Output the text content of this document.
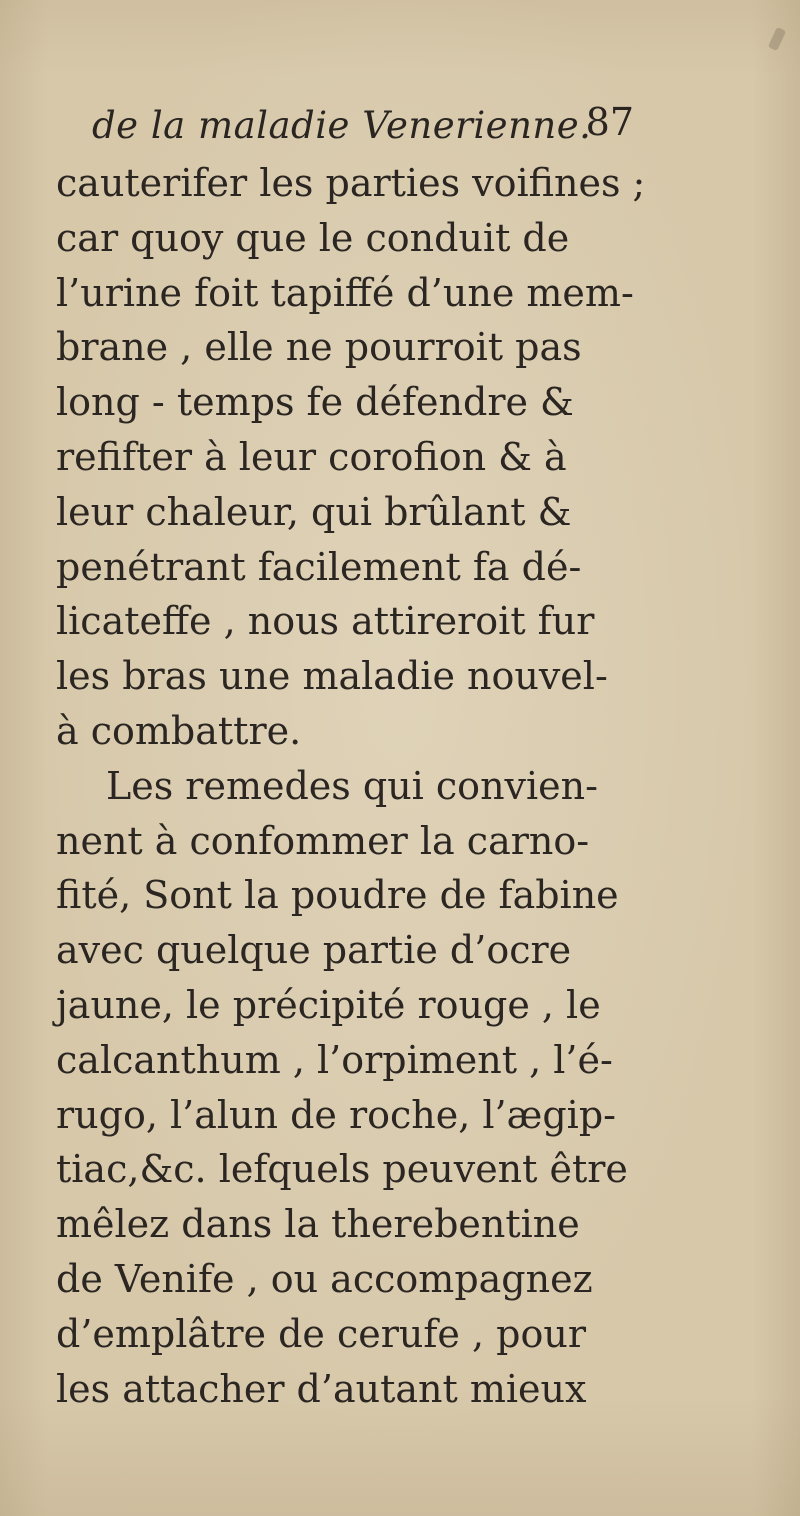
de la maladie Venerienne.
87
cauterifer les parties voifines ;
car quoy que le conduit de
l’urine foit tapiffé d’une mem-
brane , elle ne pourroit pas
long - temps fe défendre &
refifter à leur corofion & à
leur chaleur, qui brûlant &
penétrant facilement fa dé-
licateffe , nous attireroit fur
les bras une maladie nouvel-
à combattre.
Les remedes qui convien-
nent à confommer la carno-
fité, Sont la poudre de fabine
avec quelque partie d’ocre
jaune, le précipité rouge , le
calcanthum , l’orpiment , l’é-
rugo, l’alun de roche, l’ægip-
tiac,&c. lefquels peuvent être
mêlez dans la therebentine
de Venife , ou accompagnez
d’emplâtre de cerufe , pour
les attacher d’autant mieux
